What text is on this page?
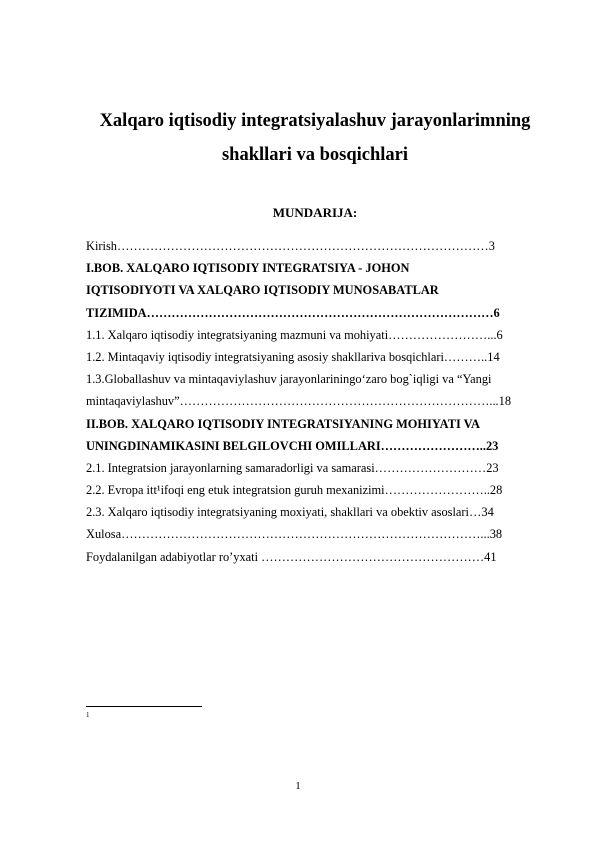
Xalqaro iqtisodiy integratsiyalashuv jarayonlarimning
shakllari va bosqichlari
MUNDARIJA:
Kirish………………………………………………………………………………3
I.BOB. XALQARO IQTISODIY INTEGRATSIYA - JOHON
IQTISODIYOTI VA XALQARO IQTISODIY MUNOSABATLAR
TIZIMIDA…………………………………………………………………………6
1.1. Xalqaro iqtisodiy integratsiyaning mazmuni va mohiyati……………………...6
1.2. Mintaqaviy iqtisodiy integratsiyaning asosiy shakllariva bosqichlari………..14
1.3.Globallashuv va mintaqaviylashuv jarayonlariningo‘zaro bog`iqligi va “Yangi
mintaqaviylashuv”…………………………………………………………………...18
II.BOB. XALQARO IQTISODIY INTEGRATSIYANING MOHIYATI VA
UNINGDINAMIKASINI BELGILOVCHI OMILLARI……………………..23
2.1. Integratsion jarayonlarning samaradorligi va samarasi………………………23
2.2. Evropa itt¹ifoqi eng etuk integratsion guruh mexanizimi……………………..28
2.3. Xalqaro iqtisodiy integratsiyaning moxiyati, shakllari va obektiv asoslari…34
Xulosa……………………………………………………………………………...38
Foydalanilgan adabiyotlar ro’yxati ………………………………………………41
1
1
